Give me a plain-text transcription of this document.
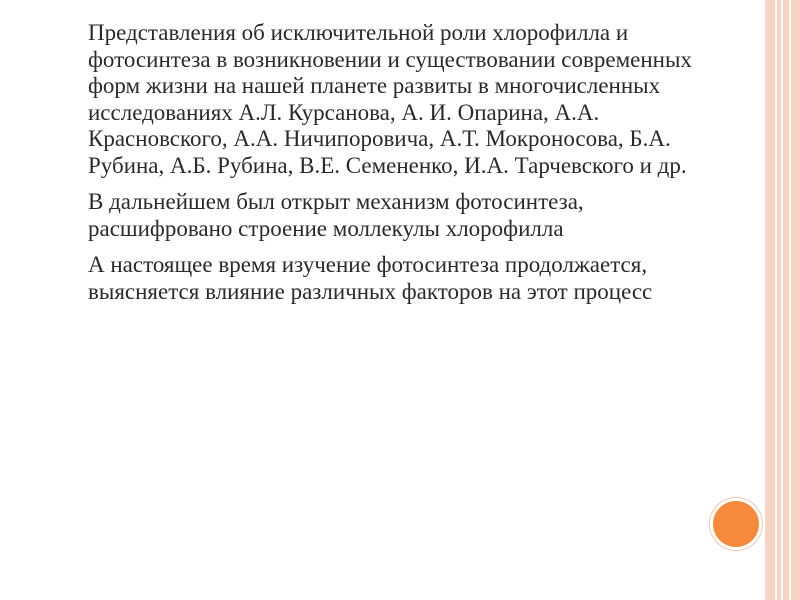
Представления об исключительной роли хлорофилла и фотосинтеза в возникновении и существовании современных форм жизни на нашей планете развиты в многочисленных исследованиях А.Л. Курсанова, А. И. Опарина, А.А. Красновского, А.А. Ничипоровича, А.Т. Мокроносова, Б.А. Рубина, А.Б. Рубина, В.Е. Семененко, И.А. Тарчевского и др.
В дальнейшем был открыт механизм фотосинтеза, расшифровано строение моллекулы хлорофилла
А настоящее время изучение фотосинтеза продолжается, выясняется влияние различных факторов на этот процесс
